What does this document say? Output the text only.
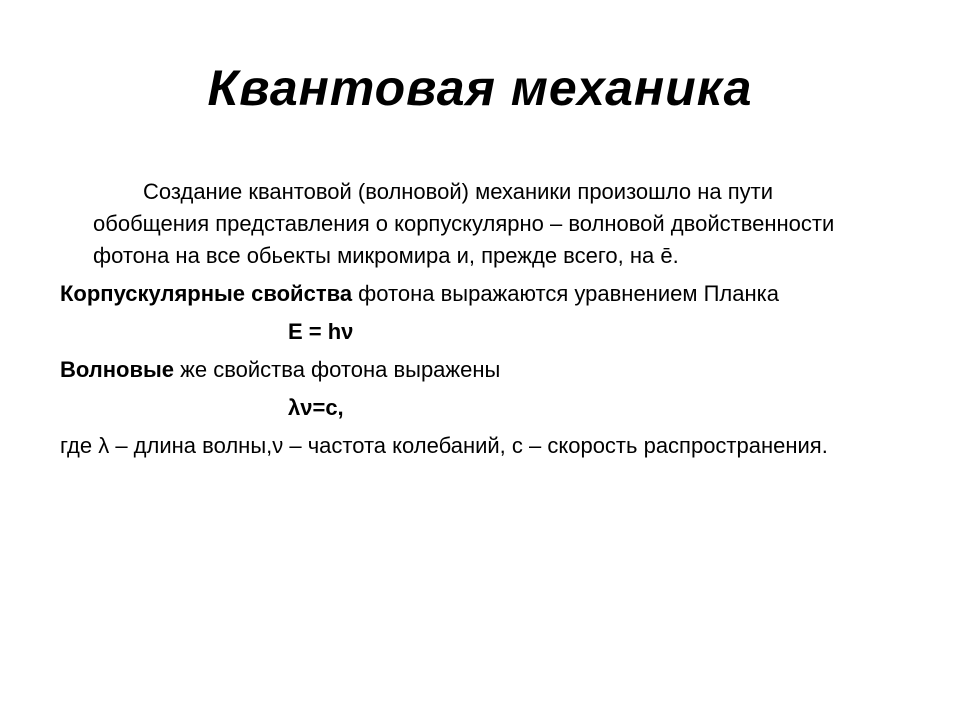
Квантовая механика

Создание квантовой (волновой) механики произошло на пути обобщения представления о корпускулярно – волновой двойственности фотона на все обьекты микромира и, прежде всего, на ē.

Корпускулярные свойства фотона выражаются уравнением Планка

E = hν

Волновые же свойства фотона выражены

λν=c,

где λ – длина волны,ν – частота колебаний, c – скорость распространения.
